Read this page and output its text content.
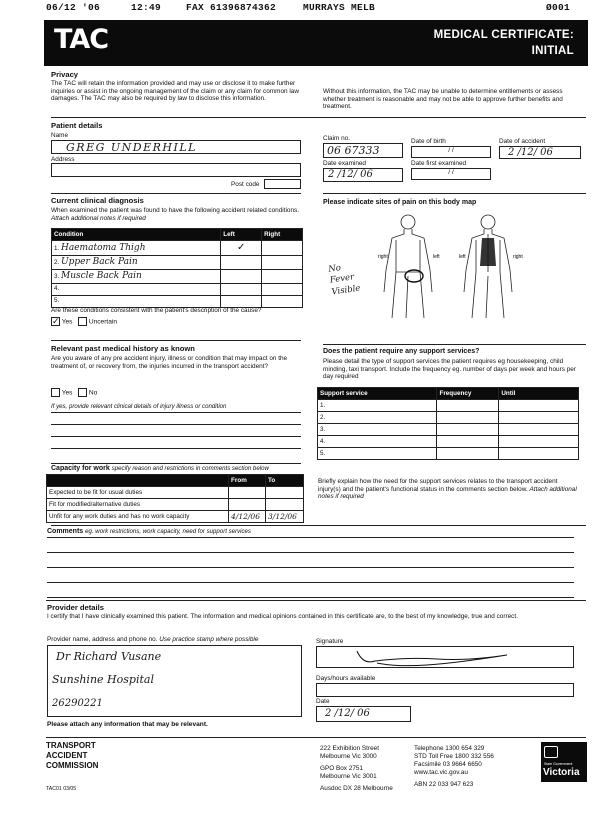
06/12 '06	12:49	FAX 61396874362	MURRAYS MELB	Ø001
TAC	MEDICAL CERTIFICATE:
INITIAL
Privacy
The TAC will retain the information provided and may use or disclose it to make further inquiries or assist in the ongoing management of the claim or any claim for common law damages. The TAC may also be required by law to disclose this information.
Without this information, the TAC may be unable to determine entitlements or assess whether treatment is reasonable and may not be able to approve further benefits and treatment.
Patient details
Name
GREG UNDERHILL
Address
Post code
Claim no.
06 67333
Date of birth
/ /
Date of accident
2 /12/ 06
Date examined
2 /12/ 06
Date first examined
/ /
Current clinical diagnosis
When examined the patient was found to have the following accident related conditions. Attach additional notes if required
Condition	Left	Right
1. Haematoma Thigh	✓	
2. Upper Back Pain		
3. Muscle Back Pain		
4.		
5.		
Are these conditions consistent with the patient's description of the cause?
✓ Yes Uncertain
Please indicate sites of pain on this body map
right	left	left	right
No Fever Visible
Relevant past medical history as known
Are you aware of any pre accident injury, illness or condition that may impact on the treatment of, or recovery from, the injuries incurred in the transport accident?
Yes No
If yes, provide relevant clinical details of injury illness or condition
Does the patient require any support services?
Please detail the type of support services the patient requires eg housekeeping, child minding, taxi transport. Include the frequency eg. number of days per week and hours per day required
Support service	Frequency	Until
1.		
2.		
3.		
4.		
5.		
Briefly explain how the need for the support services relates to the transport accident injury(s) and the patient's functional status in the comments section below. Attach additional notes if required
Capacity for work specify reason and restrictions in comments section below
	From	To
Expected to be fit for usual duties		
Fit for modified/alternative duties		
Unfit for any work duties and has no work capacity	4/12/06	3/12/06
Comments eg. work restrictions, work capacity, need for support services
Provider details
I certify that I have clinically examined this patient. The information and medical opinions contained in this certificate are, to the best of my knowledge, true and correct.
Provider name, address and phone no. Use practice stamp where possible
Dr Richard Vusane
Sunshine Hospital
26290221
Signature
Days/hours available
Date
2 /12/ 06
Please attach any information that may be relevant.
TRANSPORT
ACCIDENT
COMMISSION
TAC01 03/05
222 Exhibition Street
Melbourne Vic 3000
GPO Box 2751
Melbourne Vic 3001
Ausdoc DX 28 Melbourne
Telephone 1300 654 329
STD Toll Free 1800 332 556
Facsimile 03 9664 6650
www.tac.vic.gov.au
ABN 22 033 947 623
State Government
Victoria
